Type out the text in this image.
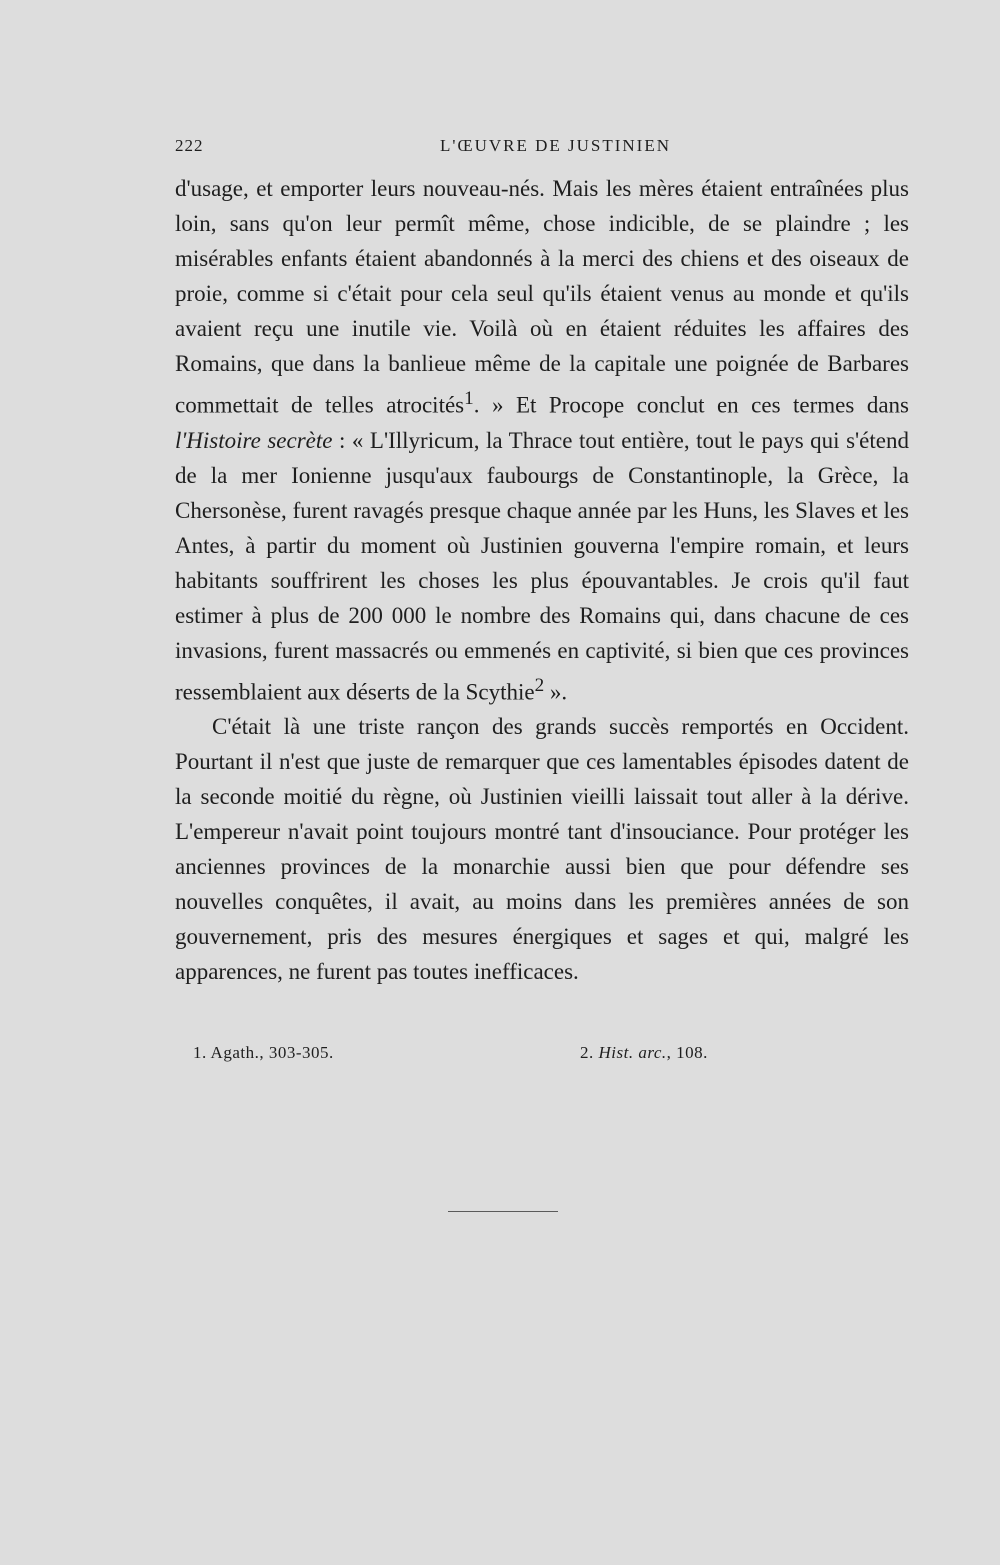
222	L'ŒUVRE DE JUSTINIEN

d'usage, et emporter leurs nouveau-nés. Mais les mères étaient entraînées plus loin, sans qu'on leur permît même, chose indicible, de se plaindre ; les misérables enfants étaient abandonnés à la merci des chiens et des oiseaux de proie, comme si c'était pour cela seul qu'ils étaient venus au monde et qu'ils avaient reçu une inutile vie. Voilà où en étaient réduites les affaires des Romains, que dans la banlieue même de la capitale une poignée de Barbares commettait de telles atrocités$^1$. » Et Procope conclut en ces termes dans l'Histoire secrète : « L'Illyricum, la Thrace tout entière, tout le pays qui s'étend de la mer Ionienne jusqu'aux faubourgs de Constantinople, la Grèce, la Chersonèse, furent ravagés presque chaque année par les Huns, les Slaves et les Antes, à partir du moment où Justinien gouverna l'empire romain, et leurs habitants souffrirent les choses les plus épouvantables. Je crois qu'il faut estimer à plus de 200 000 le nombre des Romains qui, dans chacune de ces invasions, furent massacrés ou emmenés en captivité, si bien que ces provinces ressemblaient aux déserts de la Scythie$^2$ ».

C'était là une triste rançon des grands succès remportés en Occident. Pourtant il n'est que juste de remarquer que ces lamentables épisodes datent de la seconde moitié du règne, où Justinien vieilli laissait tout aller à la dérive. L'empereur n'avait point toujours montré tant d'insouciance. Pour protéger les anciennes provinces de la monarchie aussi bien que pour défendre ses nouvelles conquêtes, il avait, au moins dans les premières années de son gouvernement, pris des mesures énergiques et sages et qui, malgré les apparences, ne furent pas toutes inefficaces.

1. Agath., 303-305.	2. Hist. arc., 108.
